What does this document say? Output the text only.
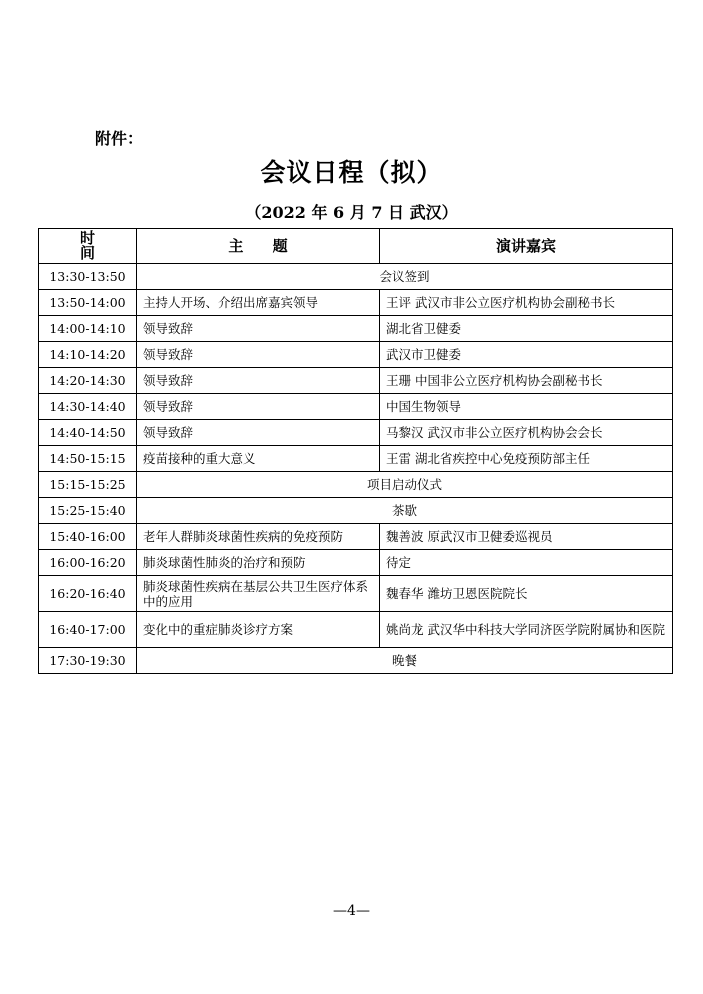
附件：
会议日程（拟）
（2022 年 6 月 7 日 武汉）
时 间	主 题	演讲嘉宾
13:30-13:50	会议签到	
13:50-14:00	主持人开场、介绍出席嘉宾领导	王评 武汉市非公立医疗机构协会副秘书长
14:00-14:10	领导致辞	湖北省卫健委
14:10-14:20	领导致辞	武汉市卫健委
14:20-14:30	领导致辞	王珊 中国非公立医疗机构协会副秘书长
14:30-14:40	领导致辞	中国生物领导
14:40-14:50	领导致辞	马黎汉 武汉市非公立医疗机构协会会长
14:50-15:15	疫苗接种的重大意义	王雷 湖北省疾控中心免疫预防部主任
15:15-15:25	项目启动仪式	
15:25-15:40	茶歇	
15:40-16:00	老年人群肺炎球菌性疾病的免疫预防	魏善波 原武汉市卫健委巡视员
16:00-16:20	肺炎球菌性肺炎的治疗和预防	待定
16:20-16:40	肺炎球菌性疾病在基层公共卫生医疗体系中的应用	魏春华 潍坊卫恩医院院长
16:40-17:00	变化中的重症肺炎诊疗方案	姚尚龙 武汉华中科技大学同济医学院附属协和医院
17:30-19:30	晚餐	
—4—
